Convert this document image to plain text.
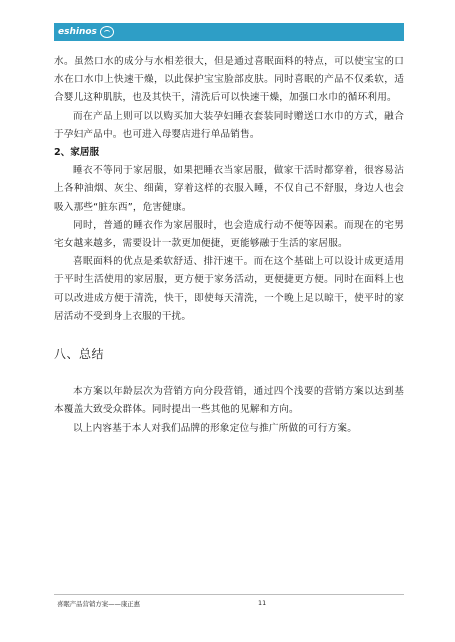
eshinos

水。虽然口水的成分与水相差很大，但是通过喜眠面料的特点，可以使宝宝的口水在口水巾上快速干燥，以此保护宝宝脸部皮肤。同时喜眠的产品不仅柔软，适合婴儿这种肌肤，也及其快干，清洗后可以快速干燥，加强口水巾的循环利用。

而在产品上则可以以购买加大装孕妇睡衣套装同时赠送口水巾的方式，融合于孕妇产品中。也可进入母婴店进行单品销售。

2、家居服

睡衣不等同于家居服，如果把睡衣当家居服，做家干活时都穿着，很容易沾上各种油烟、灰尘、细菌，穿着这样的衣服入睡，不仅自己不舒服，身边人也会吸入那些“脏东西”，危害健康。

同时，普通的睡衣作为家居服时，也会造成行动不便等因素。而现在的宅男宅女越来越多，需要设计一款更加便捷，更能够融于生活的家居服。

喜眠面料的优点是柔软舒适、排汗速干。而在这个基础上可以设计成更适用于平时生活使用的家居服，更方便于家务活动，更便捷更方便。同时在面料上也可以改进成方便于清洗，快干，即使每天清洗，一个晚上足以晾干，使平时的家居活动不受到身上衣服的干扰。

八、总结

本方案以年龄层次为营销方向分段营销，通过四个浅要的营销方案以达到基本覆盖大致受众群体。同时提出一些其他的见解和方向。

以上内容基于本人对我们品牌的形象定位与推广所做的可行方案。

喜眠产品营销方案——康正惠	11
